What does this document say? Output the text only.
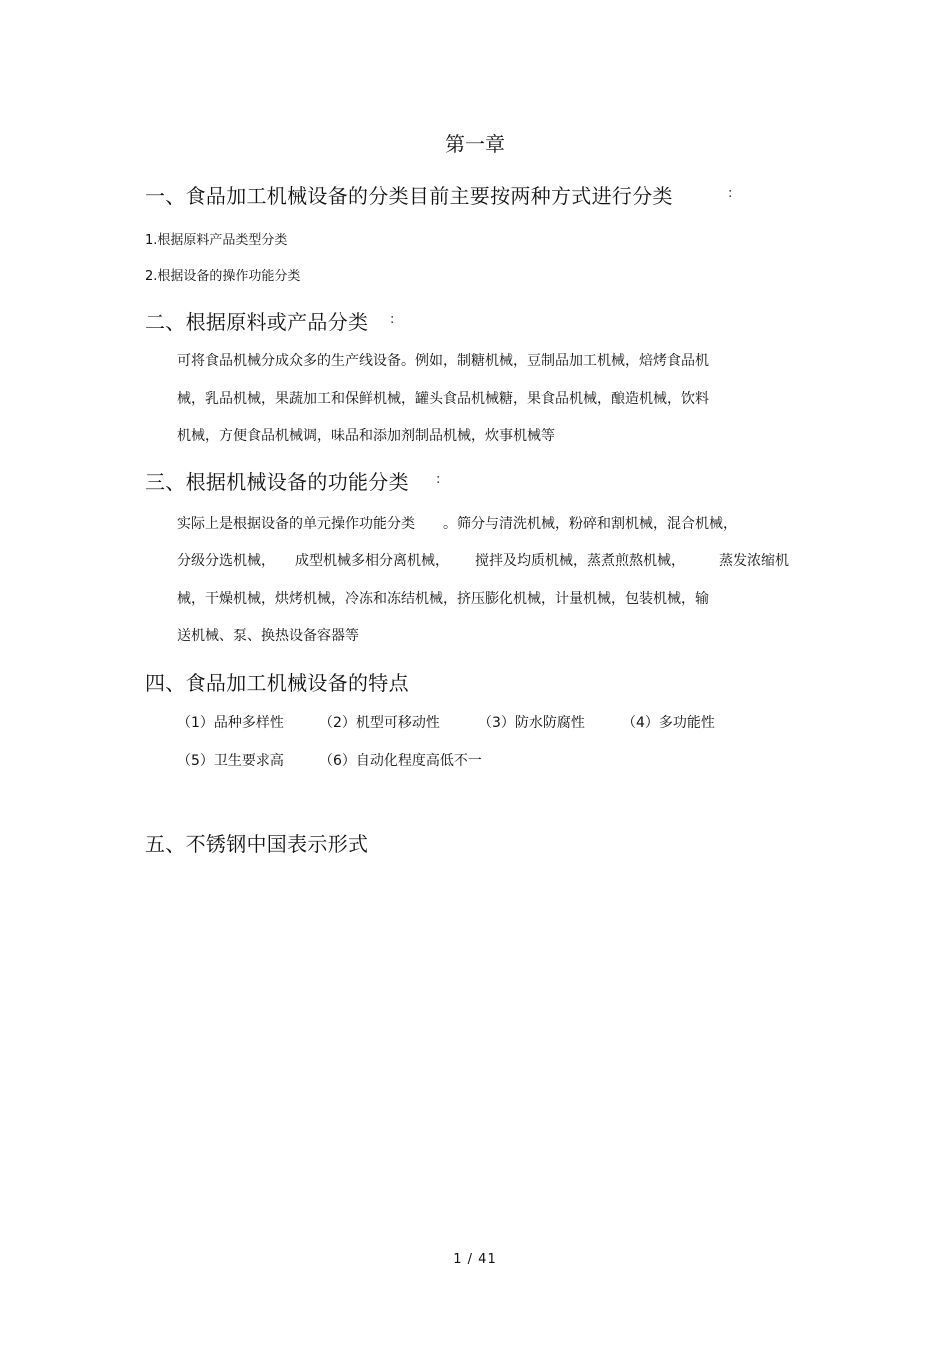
第一章
一、食品加工机械设备的分类目前主要按两种方式进行分类	:
1.根据原料产品类型分类
2.根据设备的操作功能分类
二、根据原料或产品分类 :
可将食品机械分成众多的生产线设备。例如，制糖机械，豆制品加工机械，焙烤食品机
械，乳品机械，果蔬加工和保鲜机械，罐头食品机械糖，果食品机械，酿造机械，饮料
机械，方便食品机械调，味品和添加剂制品机械，炊事机械等
三、根据机械设备的功能分类 :
实际上是根据设备的单元操作功能分类 。筛分与清洗机械，粉碎和割机械，混合机械，
分级分选机械， 成型机械多相分离机械， 搅拌及均质机械，蒸煮煎熬机械， 蒸发浓缩机
械，干燥机械，烘烤机械，冷冻和冻结机械，挤压膨化机械，计量机械，包装机械，输
送机械、泵、换热设备容器等
四、食品加工机械设备的特点
（1）品种多样性	（2）机型可移动性	（3）防水防腐性	（4）多功能性
（5）卫生要求高	（6）自动化程度高低不一
五、不锈钢中国表示形式
1 / 41
